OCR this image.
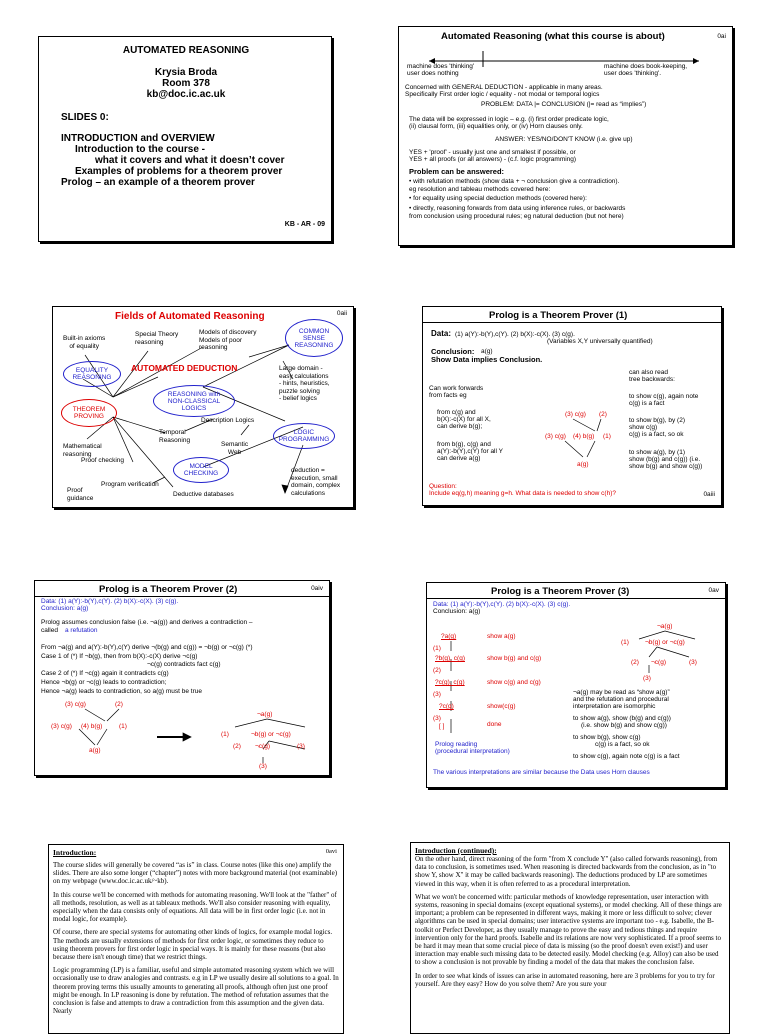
AUTOMATED REASONING
Krysia Broda
Room 378
kb@doc.ic.ac.uk
SLIDES 0:
INTRODUCTION and OVERVIEW
Introduction to the course -
what it covers and what it doesn’t cover
Examples of problems for a theorem prover
Prolog – an example of a theorem prover
KB - AR - 09
Automated Reasoning (what this course is about)	0ai
machine does 'thinking'
user does nothing
machine does book-keeping,
user does 'thinking'.
Concerned with GENERAL DEDUCTION - applicable in many areas.
Specifically First order logic / equality - not modal or temporal logics
PROBLEM: DATA |= CONCLUSION (|= read as “implies”)
The data will be expressed in logic – e.g. (i) first order predicate logic,
(ii) clausal form, (iii) equalities only, or (iv) Horn clauses only.
ANSWER: YES/NO/DON'T KNOW (i.e. give up)
YES + 'proof' - usually just one and smallest if possible, or
YES + all proofs (or all answers) - (c.f. logic programming)
Problem can be answered:
• with refutation methods (show data + ¬ conclusion give a contradiction).
eg resolution and tableau methods covered here:
• for equality using special deduction methods (covered here):
• directly, reasoning forwards from data using inference rules, or backwards
from conclusion using procedural rules; eg natural deduction (but not here)
Fields of Automated Reasoning	0aii
Built-in axioms
of equality
Special Theory
reasoning
Models of discovery
Models of poor
reasoning
COMMON
SENSE
REASONING
EQUALITY
REASONING
AUTOMATED DEDUCTION
REASONING with
NON-CLASSICAL
LOGICS
Large domain -
easy calculations
- hints, heuristics,
puzzle solving
- belief logics
THEOREM
PROVING
Description Logics
Temporal
Reasoning
Semantic
Web
LOGIC
PROGRAMMING
Mathematical
reasoning
MODEL
CHECKING
Proof checking
Program verification
Proof
guidance	Deductive databases
deduction =
execution, small
domain, complex
calculations
Prolog is a Theorem Prover (1)
Data: (1) a(Y):-b(Y),c(Y). (2) b(X):-c(X). (3) c(g).
(Variables X,Y universally quantified)
Conclusion: a(g)
Show Data implies Conclusion.
Can work forwards
from facts eg
from c(g) and
b(X):-c(X) for all X,
can derive b(g);
from b(g), c(g) and
a(Y):-b(Y),c(Y) for all Y
can derive a(g)
(3) c(g) (2)
(3) c(g) (4) b(g) (1)
a(g)
can also read
tree backwards:
to show c(g), again note
c(g) is a fact
to show b(g), by (2)
show c(g)
c(g) is a fact, so ok
to show a(g), by (1)
show (b(g) and c(g)) (i.e.
show b(g) and show c(g))
Question:
Include eq(g,h) meaning g=h. What data is needed to show c(h)?	0aiii
Prolog is a Theorem Prover (2)	0aiv
Data: (1) a(Y):-b(Y),c(Y). (2) b(X):-c(X). (3) c(g).
Conclusion: a(g)
Prolog assumes conclusion false (i.e. ¬a(g)) and derives a contradiction –
called a refutation
From ¬a(g) and a(Y):-b(Y),c(Y) derive ¬(b(g) and c(g)) = ¬b(g) or ¬c(g) (*)
Case 1 of (*) If ¬b(g), then from b(X):-c(X) derive ¬c(g)
¬c(g) contradicts fact c(g)
Case 2 of (*) If ¬c(g) again it contradicts c(g)
Hence ¬b(g) or ¬c(g) leads to contradiction;
Hence ¬a(g) leads to contradiction, so a(g) must be true
(3) c(g)	(2)
(3) c(g) (4) b(g)	(1)
a(g)
¬a(g)
(1)	¬b(g) or ¬c(g)
(2) ¬c(g)	(3)
(3)
Prolog is a Theorem Prover (3)	0av
Data: (1) a(Y):-b(Y),c(Y). (2) b(X):-c(X). (3) c(g).
Conclusion: a(g)
?a(g)	show a(g)
(1)
?b(g), c(g)	show b(g) and c(g)
(2)
?c(g), c(g)	show c(g) and c(g)
(3)
?c(g)	show(c(g)
(3)
[ ]	done
Prolog reading
(procedural interpretation)
¬a(g)
(1) ¬b(g) or ¬c(g)
(2) ¬c(g)	(3)
(3)
¬a(g) may be read as “show a(g)”
and the refutation and procedural
interpretation are isomorphic
to show a(g), show (b(g) and c(g))
(i.e. show b(g) and show c(g))
to show b(g), show c(g)
c(g) is a fact, so ok
to show c(g), again note c(g) is a fact
The various interpretations are similar because the Data uses Horn clauses
Introduction:	0avi

The course slides will generally be covered “as is” in class. Course notes (like this one) amplify the slides. There are also some longer (“chapter”) notes with more background material (not examinable) on my webpage (www.doc.ic.ac.uk/~kb).

In this course we'll be concerned with methods for automating reasoning. We'll look at the "father" of all methods, resolution, as well as at tableaux methods. We'll also consider reasoning with equality, especially when the data consists only of equations. All data will be in first order logic (i.e. not in modal logic, for example).

Of course, there are special systems for automating other kinds of logics, for example modal logics. The methods are usually extensions of methods for first order logic, or sometimes they reduce to using theorem provers for first order logic in special ways. It is mainly for these reasons (but also because there isn't enough time) that we restrict things.

Logic programming (LP) is a familiar, useful and simple automated reasoning system which we will occasionally use to draw analogies and contrasts. e.g in LP we usually desire all solutions to a goal. In theorem proving terms this usually amounts to generating all proofs, although often just one proof might be enough. In LP reasoning is done by refutation. The method of refutation assumes that the conclusion is false and attempts to draw a contradiction from this assumption and the given data. Nearly

Introduction (continued):

On the other hand, direct reasoning of the form "from X conclude Y" (also called forwards reasoning), from data to conclusion, is sometimes used. When reasoning is directed backwards from the conclusion, as in "to show Y, show X" it may be called backwards reasoning). The deductions produced by LP are sometimes viewed in this way, when it is often referred to as a procedural interpretation.

What we won't be concerned with: particular methods of knowledge representation, user interaction with systems, reasoning in special domains (except equational systems), or model checking. All of these things are important; a problem can be represented in different ways, making it more or less difficult to solve; clever algorithms can be used in special domains; user interactive systems are important too - e.g. Isabelle, the B-toolkit or Perfect Developer, as they usually manage to prove the easy and tedious things and require intervention only for the hard proofs. Isabelle and its relations are now very sophisticated. If a proof seems to be hard it may mean that some crucial piece of data is missing (so the proof doesn't even exist!) and user interaction may enable such missing data to be detected easily. Model checking (e.g. Alloy) can also be used to show a conclusion is not provable by finding a model of the data that makes the conclusion false.

In order to see what kinds of issues can arise in automated reasoning, here are 3 problems for you to try for yourself. Are they easy? How do you solve them? Are you sure your
